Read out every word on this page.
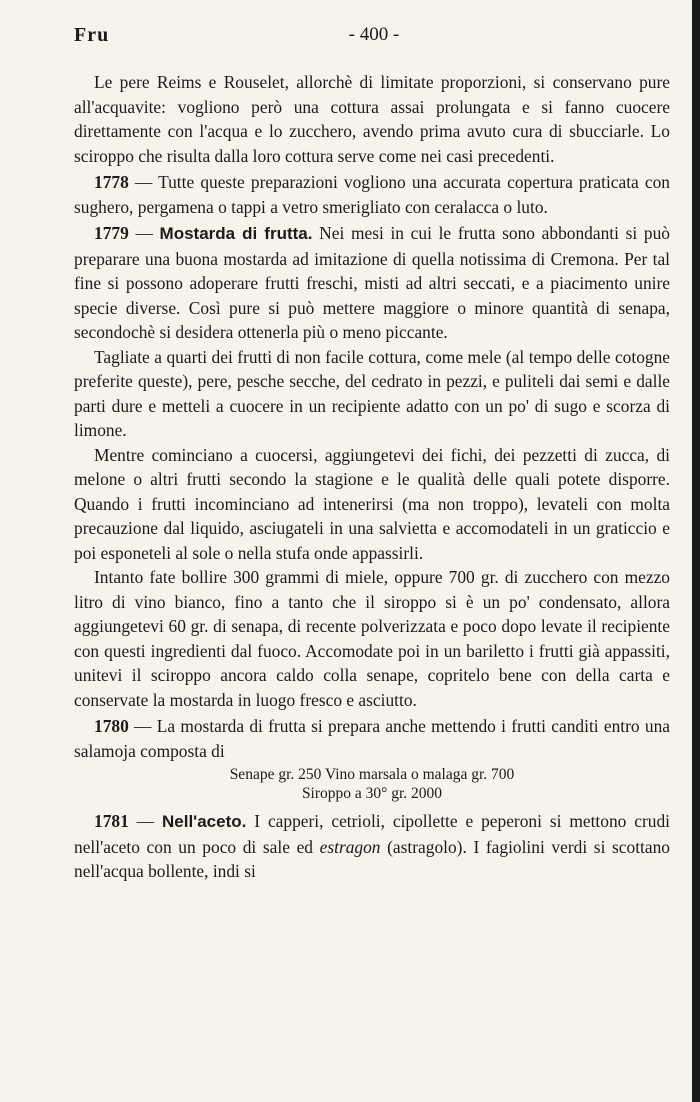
Fru	- 400 -

Le pere Reims e Rouselet, allorchè di limitate proporzioni, si conservano pure all'acquavite: vogliono però una cottura assai prolungata e si fanno cuocere direttamente con l'acqua e lo zucchero, avendo prima avuto cura di sbucciarle. Lo sciroppo che risulta dalla loro cottura serve come nei casi precedenti.

1778 — Tutte queste preparazioni vogliono una accurata copertura praticata con sughero, pergamena o tappi a vetro smerigliato con ceralacca o luto.

1779 — Mostarda di frutta. Nei mesi in cui le frutta sono abbondanti si può preparare una buona mostarda ad imitazione di quella notissima di Cremona. Per tal fine si possono adoperare frutti freschi, misti ad altri seccati, e a piacimento unire specie diverse. Così pure si può mettere maggiore o minore quantità di senapa, secondochè si desidera ottenerla più o meno piccante.

Tagliate a quarti dei frutti di non facile cottura, come mele (al tempo delle cotogne preferite queste), pere, pesche secche, del cedrato in pezzi, e puliteli dai semi e dalle parti dure e metteli a cuocere in un recipiente adatto con un po' di sugo e scorza di limone.

Mentre cominciano a cuocersi, aggiungetevi dei fichi, dei pezzetti di zucca, di melone o altri frutti secondo la stagione e le qualità delle quali potete disporre. Quando i frutti incominciano ad intenerirsi (ma non troppo), levateli con molta precauzione dal liquido, asciugateli in una salvietta e accomodateli in un graticcio e poi esponeteli al sole o nella stufa onde appassirli.

Intanto fate bollire 300 grammi di miele, oppure 700 gr. di zucchero con mezzo litro di vino bianco, fino a tanto che il siroppo si è un po' condensato, allora aggiungetevi 60 gr. di senapa, di recente polverizzata e poco dopo levate il recipiente con questi ingredienti dal fuoco. Accomodate poi in un bariletto i frutti già appassiti, unitevi il sciroppo ancora caldo colla senape, copritelo bene con della carta e conservate la mostarda in luogo fresco e asciutto.

1780 — La mostarda di frutta si prepara anche mettendo i frutti canditi entro una salamoja composta di

Senape gr. 250 Vino marsala o malaga gr. 700
Siroppo a 30° gr. 2000

1781 — Nell'aceto. I capperi, cetrioli, cipollette e peperoni si mettono crudi nell'aceto con un poco di sale ed estragon (astragolo). I fagiolini verdi si scottano nell'acqua bollente, indi si
